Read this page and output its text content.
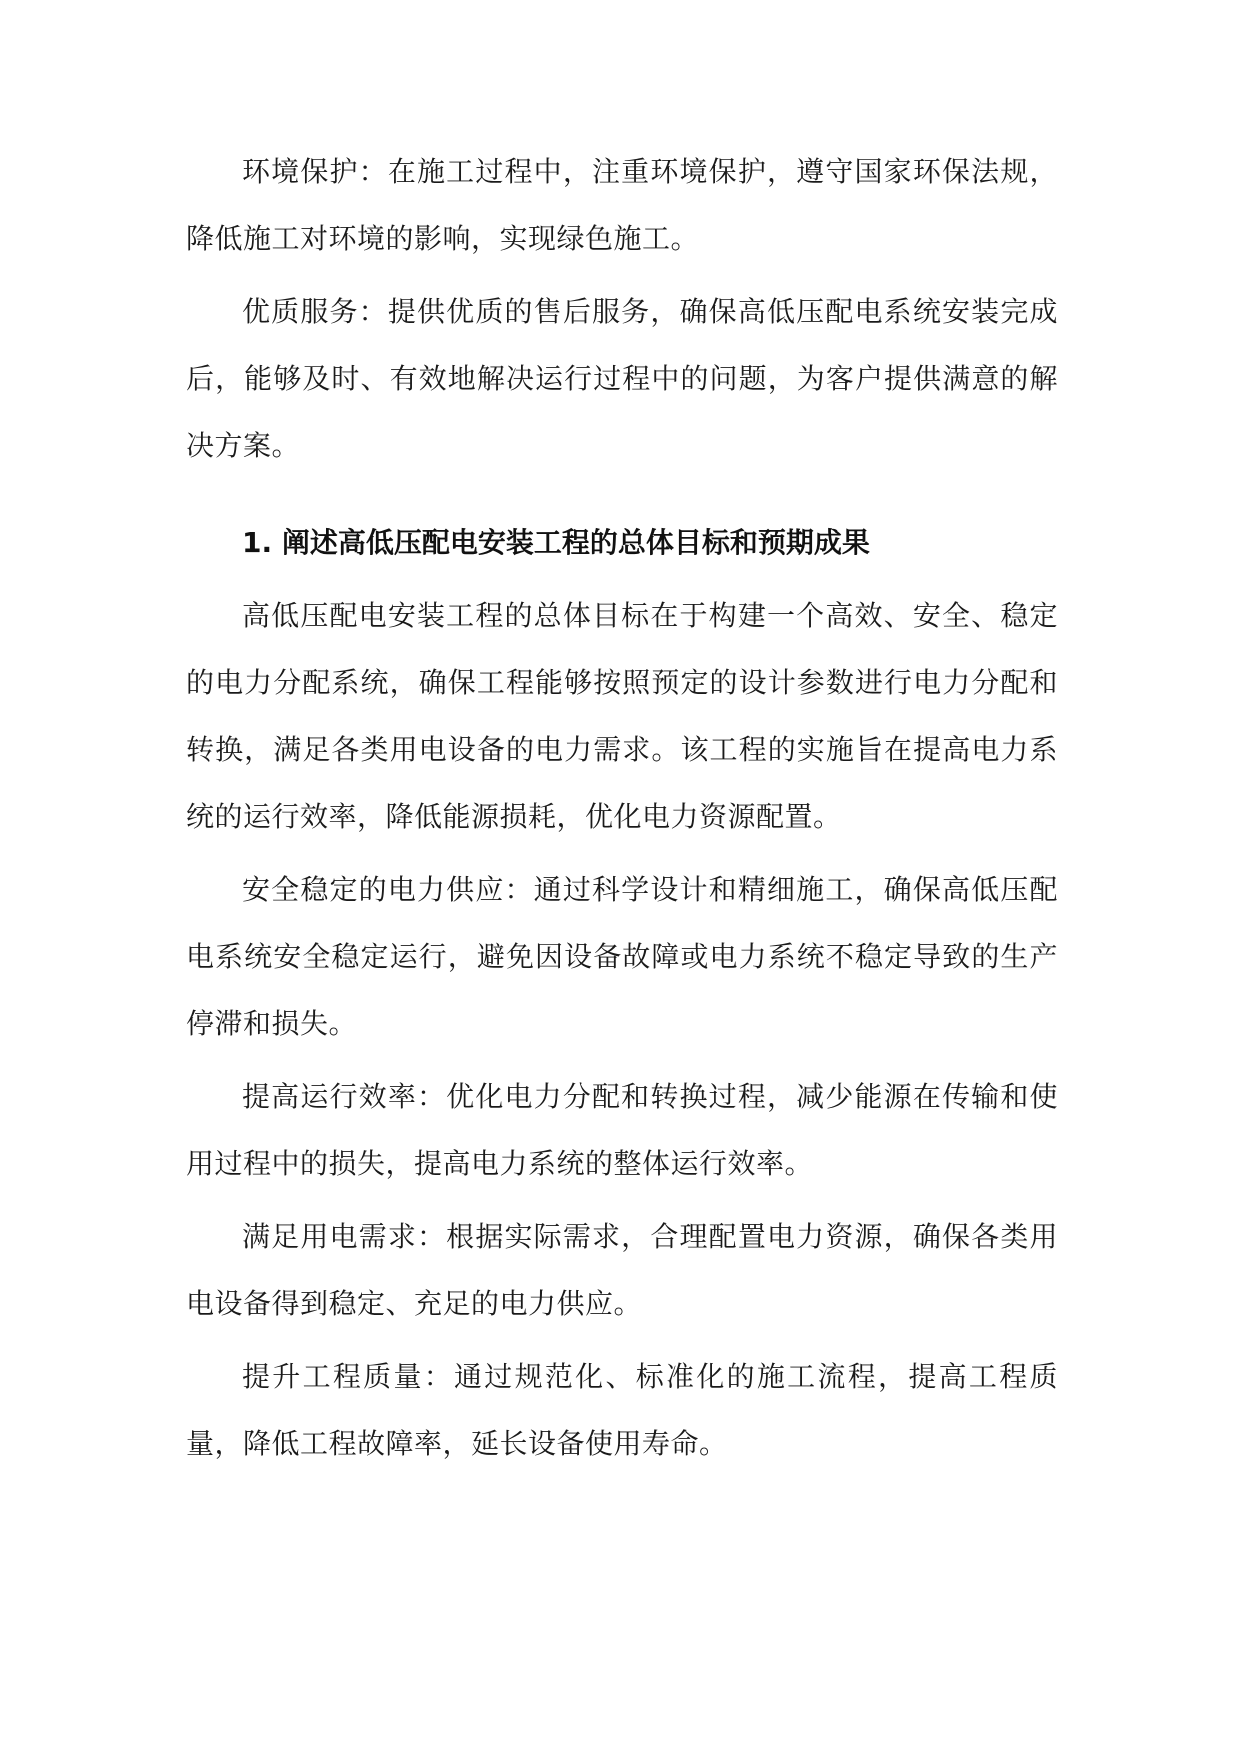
环境保护：在施工过程中，注重环境保护，遵守国家环保法规，降低施工对环境的影响，实现绿色施工。

优质服务：提供优质的售后服务，确保高低压配电系统安装完成后，能够及时、有效地解决运行过程中的问题，为客户提供满意的解决方案。

1. 阐述高低压配电安装工程的总体目标和预期成果

高低压配电安装工程的总体目标在于构建一个高效、安全、稳定的电力分配系统，确保工程能够按照预定的设计参数进行电力分配和转换，满足各类用电设备的电力需求。该工程的实施旨在提高电力系统的运行效率，降低能源损耗，优化电力资源配置。

安全稳定的电力供应：通过科学设计和精细施工，确保高低压配电系统安全稳定运行，避免因设备故障或电力系统不稳定导致的生产停滞和损失。

提高运行效率：优化电力分配和转换过程，减少能源在传输和使用过程中的损失，提高电力系统的整体运行效率。

满足用电需求：根据实际需求，合理配置电力资源，确保各类用电设备得到稳定、充足的电力供应。

提升工程质量：通过规范化、标准化的施工流程，提高工程质量，降低工程故障率，延长设备使用寿命。
